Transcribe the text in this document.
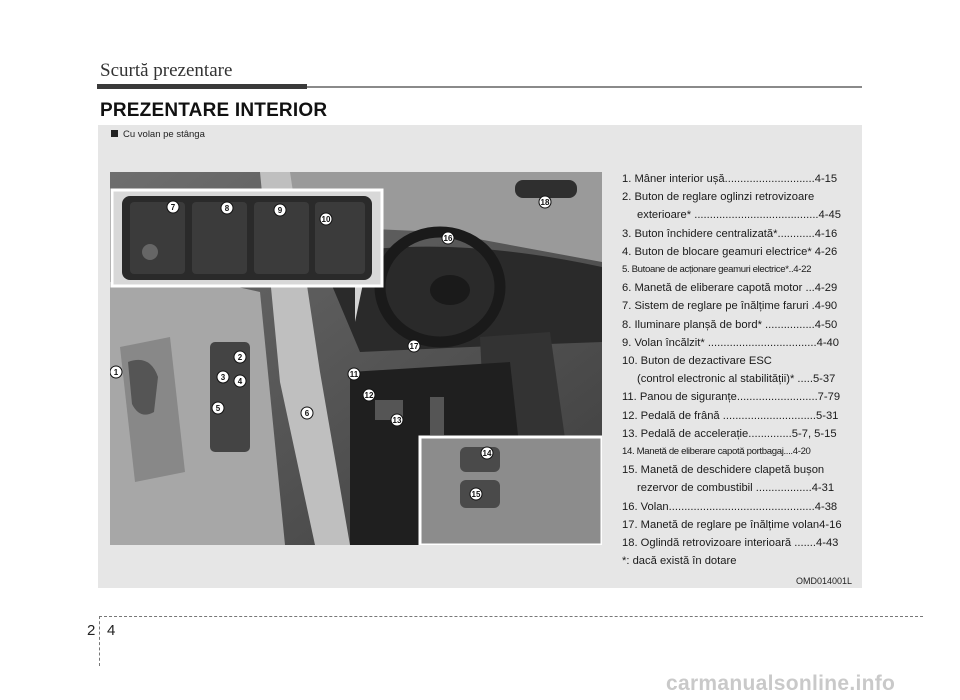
Scurtă prezentare
PREZENTARE INTERIOR
Cu volan pe stânga
1
2
3 4
5
6
7	8	9
10
11
12
13
14
15
16
17
18
1. Mâner interior ușă.............................4-15
2. Buton de reglare oglinzi retrovizoare
exterioare* ........................................4-45
3. Buton închidere centralizată*............4-16
4. Buton de blocare geamuri electrice* 4-26
5. Butoane de acționare geamuri electrice*..4-22
6. Manetă de eliberare capotă motor ...4-29
7. Sistem de reglare pe înălțime faruri .4-90
8. Iluminare planșă de bord* ................4-50
9. Volan încălzit* ...................................4-40
10. Buton de dezactivare ESC
(control electronic al stabilității)* .....5-37
11. Panou de siguranțe..........................7-79
12. Pedală de frână ..............................5-31
13. Pedală de accelerație..............5-7, 5-15
14. Manetă de eliberare capotă portbagaj....4-20
15. Manetă de deschidere clapetă bușon
rezervor de combustibil ..................4-31
16. Volan...............................................4-38
17. Manetă de reglare pe înălțime volan4-16
18. Oglindă retrovizoare interioară .......4-43
*: dacă există în dotare
OMD014001L
2 4
carmanualsonline.info
